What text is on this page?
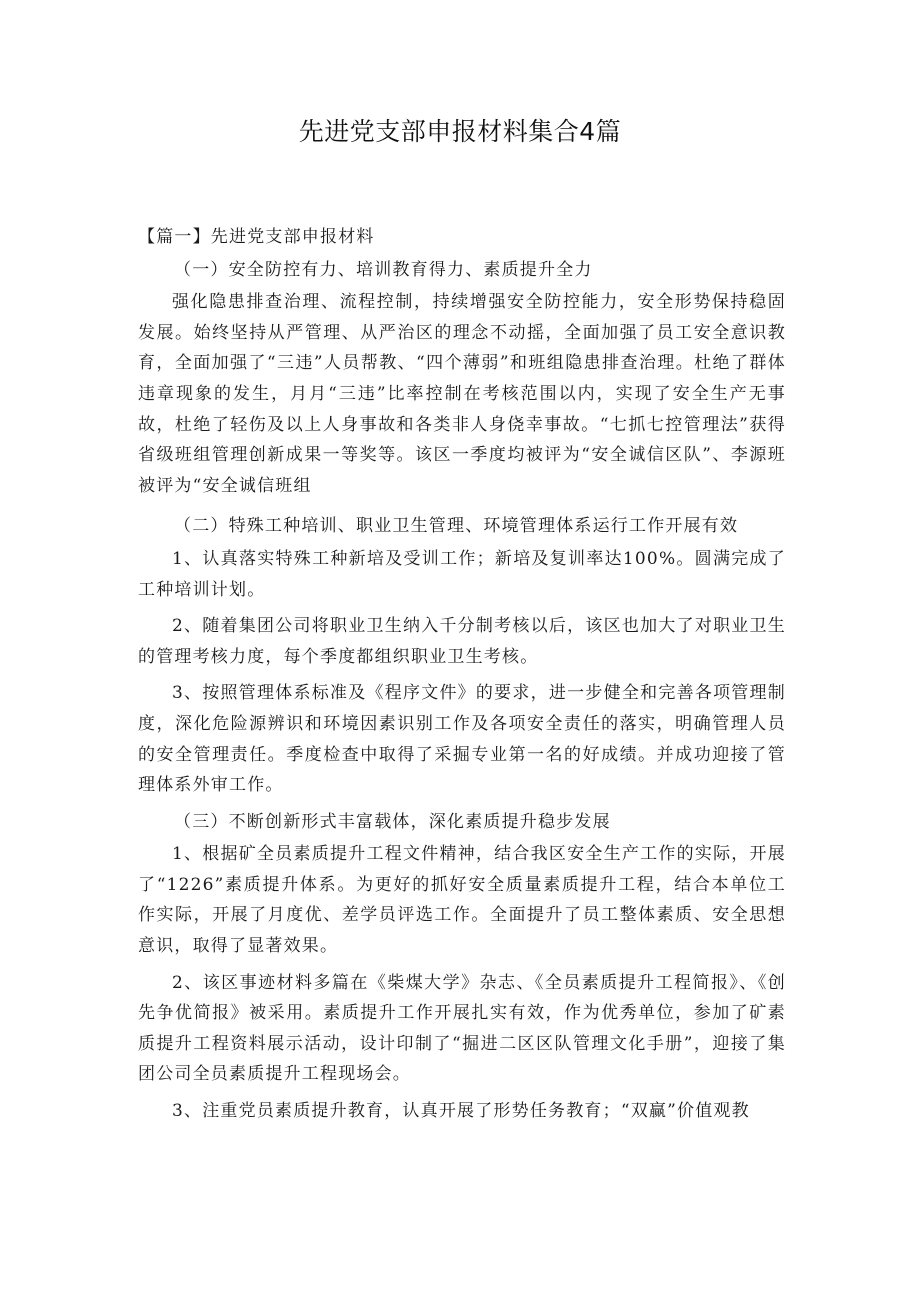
先进党支部申报材料集合4篇

【篇一】先进党支部申报材料

（一）安全防控有力、培训教育得力、素质提升全力

强化隐患排查治理、流程控制，持续增强安全防控能力，安全形势保持稳固发展。始终坚持从严管理、从严治区的理念不动摇，全面加强了员工安全意识教育，全面加强了“三违”人员帮教、“四个薄弱”和班组隐患排查治理。杜绝了群体违章现象的发生，月月“三违”比率控制在考核范围以内，实现了安全生产无事故，杜绝了轻伤及以上人身事故和各类非人身侥幸事故。“七抓七控管理法”获得省级班组管理创新成果一等奖等。该区一季度均被评为“安全诚信区队”、李源班被评为“安全诚信班组

（二）特殊工种培训、职业卫生管理、环境管理体系运行工作开展有效

1、认真落实特殊工种新培及受训工作；新培及复训率达100%。圆满完成了工种培训计划。

2、随着集团公司将职业卫生纳入千分制考核以后，该区也加大了对职业卫生的管理考核力度，每个季度都组织职业卫生考核。

3、按照管理体系标准及《程序文件》的要求，进一步健全和完善各项管理制度，深化危险源辨识和环境因素识别工作及各项安全责任的落实，明确管理人员的安全管理责任。季度检查中取得了采掘专业第一名的好成绩。并成功迎接了管理体系外审工作。

（三）不断创新形式丰富载体，深化素质提升稳步发展

1、根据矿全员素质提升工程文件精神，结合我区安全生产工作的实际，开展了“1226”素质提升体系。为更好的抓好安全质量素质提升工程，结合本单位工作实际，开展了月度优、差学员评选工作。全面提升了员工整体素质、安全思想意识，取得了显著效果。

2、该区事迹材料多篇在《柴煤大学》杂志、《全员素质提升工程简报》、《创先争优简报》被采用。素质提升工作开展扎实有效，作为优秀单位，参加了矿素质提升工程资料展示活动，设计印制了“掘进二区区队管理文化手册”，迎接了集团公司全员素质提升工程现场会。

3、注重党员素质提升教育，认真开展了形势任务教育；“双赢”价值观教
